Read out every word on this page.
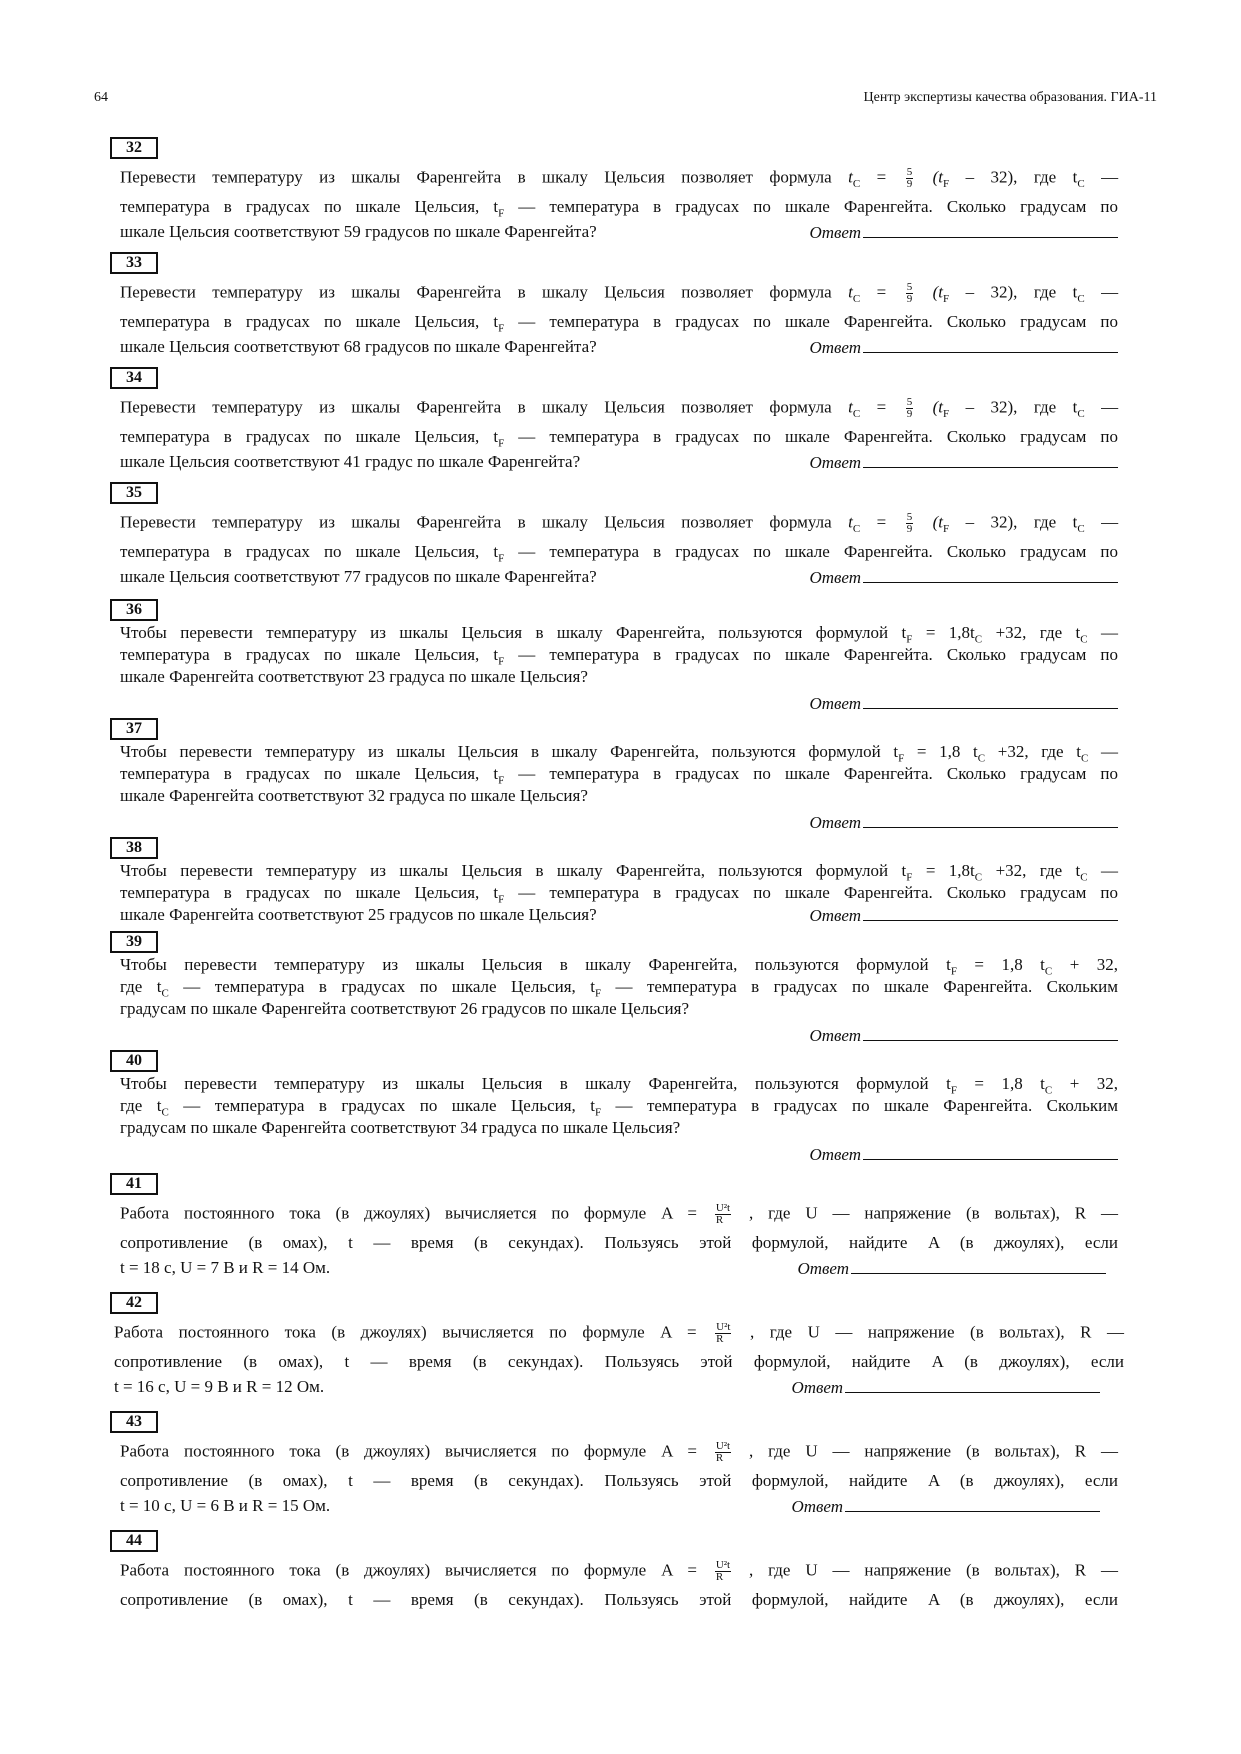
64	Центр экспертизы качества образования. ГИА-11
32
Перевести температуру из шкалы Фаренгейта в шкалу Цельсия позволяет формула $t_C = \frac{5}{9} (t_F - 32)$, где $t_C$ —
температура в градусах по шкале Цельсия, $t_F$ — температура в градусах по шкале Фаренгейта. Сколько градусам по
шкале Цельсия соответствуют 59 градусов по шкале Фаренгейта?	Ответ
33
Перевести температуру из шкалы Фаренгейта в шкалу Цельсия позволяет формула $t_C = \frac{5}{9} (t_F - 32)$, где $t_C$ —
температура в градусах по шкале Цельсия, $t_F$ — температура в градусах по шкале Фаренгейта. Сколько градусам по
шкале Цельсия соответствуют 68 градусов по шкале Фаренгейта?	Ответ
34
Перевести температуру из шкалы Фаренгейта в шкалу Цельсия позволяет формула $t_C = \frac{5}{9} (t_F - 32)$, где $t_C$ —
температура в градусах по шкале Цельсия, $t_F$ — температура в градусах по шкале Фаренгейта. Сколько градусам по
шкале Цельсия соответствуют 41 градус по шкале Фаренгейта?	Ответ
35
Перевести температуру из шкалы Фаренгейта в шкалу Цельсия позволяет формула $t_C = \frac{5}{9} (t_F - 32)$, где $t_C$ —
температура в градусах по шкале Цельсия, $t_F$ — температура в градусах по шкале Фаренгейта. Сколько градусам по
шкале Цельсия соответствуют 77 градусов по шкале Фаренгейта?	Ответ
36
Чтобы перевести температуру из шкалы Цельсия в шкалу Фаренгейта, пользуются формулой $t_F = 1,8t_C +32$, где $t_C$ —
температура в градусах по шкале Цельсия, $t_F$ — температура в градусах по шкале Фаренгейта. Сколько градусам по
шкале Фаренгейта соответствуют 23 градуса по шкале Цельсия?
Ответ
37
Чтобы перевести температуру из шкалы Цельсия в шкалу Фаренгейта, пользуются формулой $t_F = 1,8$ $t_C +32$, где $t_C$ —
температура в градусах по шкале Цельсия, $t_F$ — температура в градусах по шкале Фаренгейта. Сколько градусам по
шкале Фаренгейта соответствуют 32 градуса по шкале Цельсия?
Ответ
38
Чтобы перевести температуру из шкалы Цельсия в шкалу Фаренгейта, пользуются формулой $t_F = 1,8t_C +32$, где $t_C$ —
температура в градусах по шкале Цельсия, $t_F$ — температура в градусах по шкале Фаренгейта. Сколько градусам по
шкале Фаренгейта соответствуют 25 градусов по шкале Цельсия?	Ответ
39
Чтобы перевести температуру из шкалы Цельсия в шкалу Фаренгейта, пользуются формулой $t_F = 1,8$ $t_C + 32$,
где $t_C$ — температура в градусах по шкале Цельсия, $t_F$ — температура в градусах по шкале Фаренгейта. Скольким
градусам по шкале Фаренгейта соответствуют 26 градусов по шкале Цельсия?
Ответ
40
Чтобы перевести температуру из шкалы Цельсия в шкалу Фаренгейта, пользуются формулой $t_F = 1,8$ $t_C + 32$,
где $t_C$ — температура в градусах по шкале Цельсия, $t_F$ — температура в градусах по шкале Фаренгейта. Скольким
градусам по шкале Фаренгейта соответствуют 34 градуса по шкале Цельсия?
Ответ
41
Работа постоянного тока (в джоулях) вычисляется по формуле $A = \frac{\text{U²t}}{R}$ , где U — напряжение (в вольтах), R —
сопротивление (в омах), t — время (в секундах). Пользуясь этой формулой, найдите A (в джоулях), если
t = 18 с, U = 7 В и R = 14 Ом.	Ответ
42
Работа постоянного тока (в джоулях) вычисляется по формуле $A = \frac{\text{U²t}}{R}$ , где U — напряжение (в вольтах), R —
сопротивление (в омах), t — время (в секундах). Пользуясь этой формулой, найдите A (в джоулях), если
t = 16 с, U = 9 В и R = 12 Ом.	Ответ
43
Работа постоянного тока (в джоулях) вычисляется по формуле $A = \frac{\text{U²t}}{R}$ , где U — напряжение (в вольтах), R —
сопротивление (в омах), t — время (в секундах). Пользуясь этой формулой, найдите A (в джоулях), если
t = 10 с, U = 6 В и R = 15 Ом.	Ответ
44
Работа постоянного тока (в джоулях) вычисляется по формуле $A = \frac{\text{U²t}}{R}$ , где U — напряжение (в вольтах), R —
сопротивление (в омах), t — время (в секундах). Пользуясь этой формулой, найдите A (в джоулях), если
